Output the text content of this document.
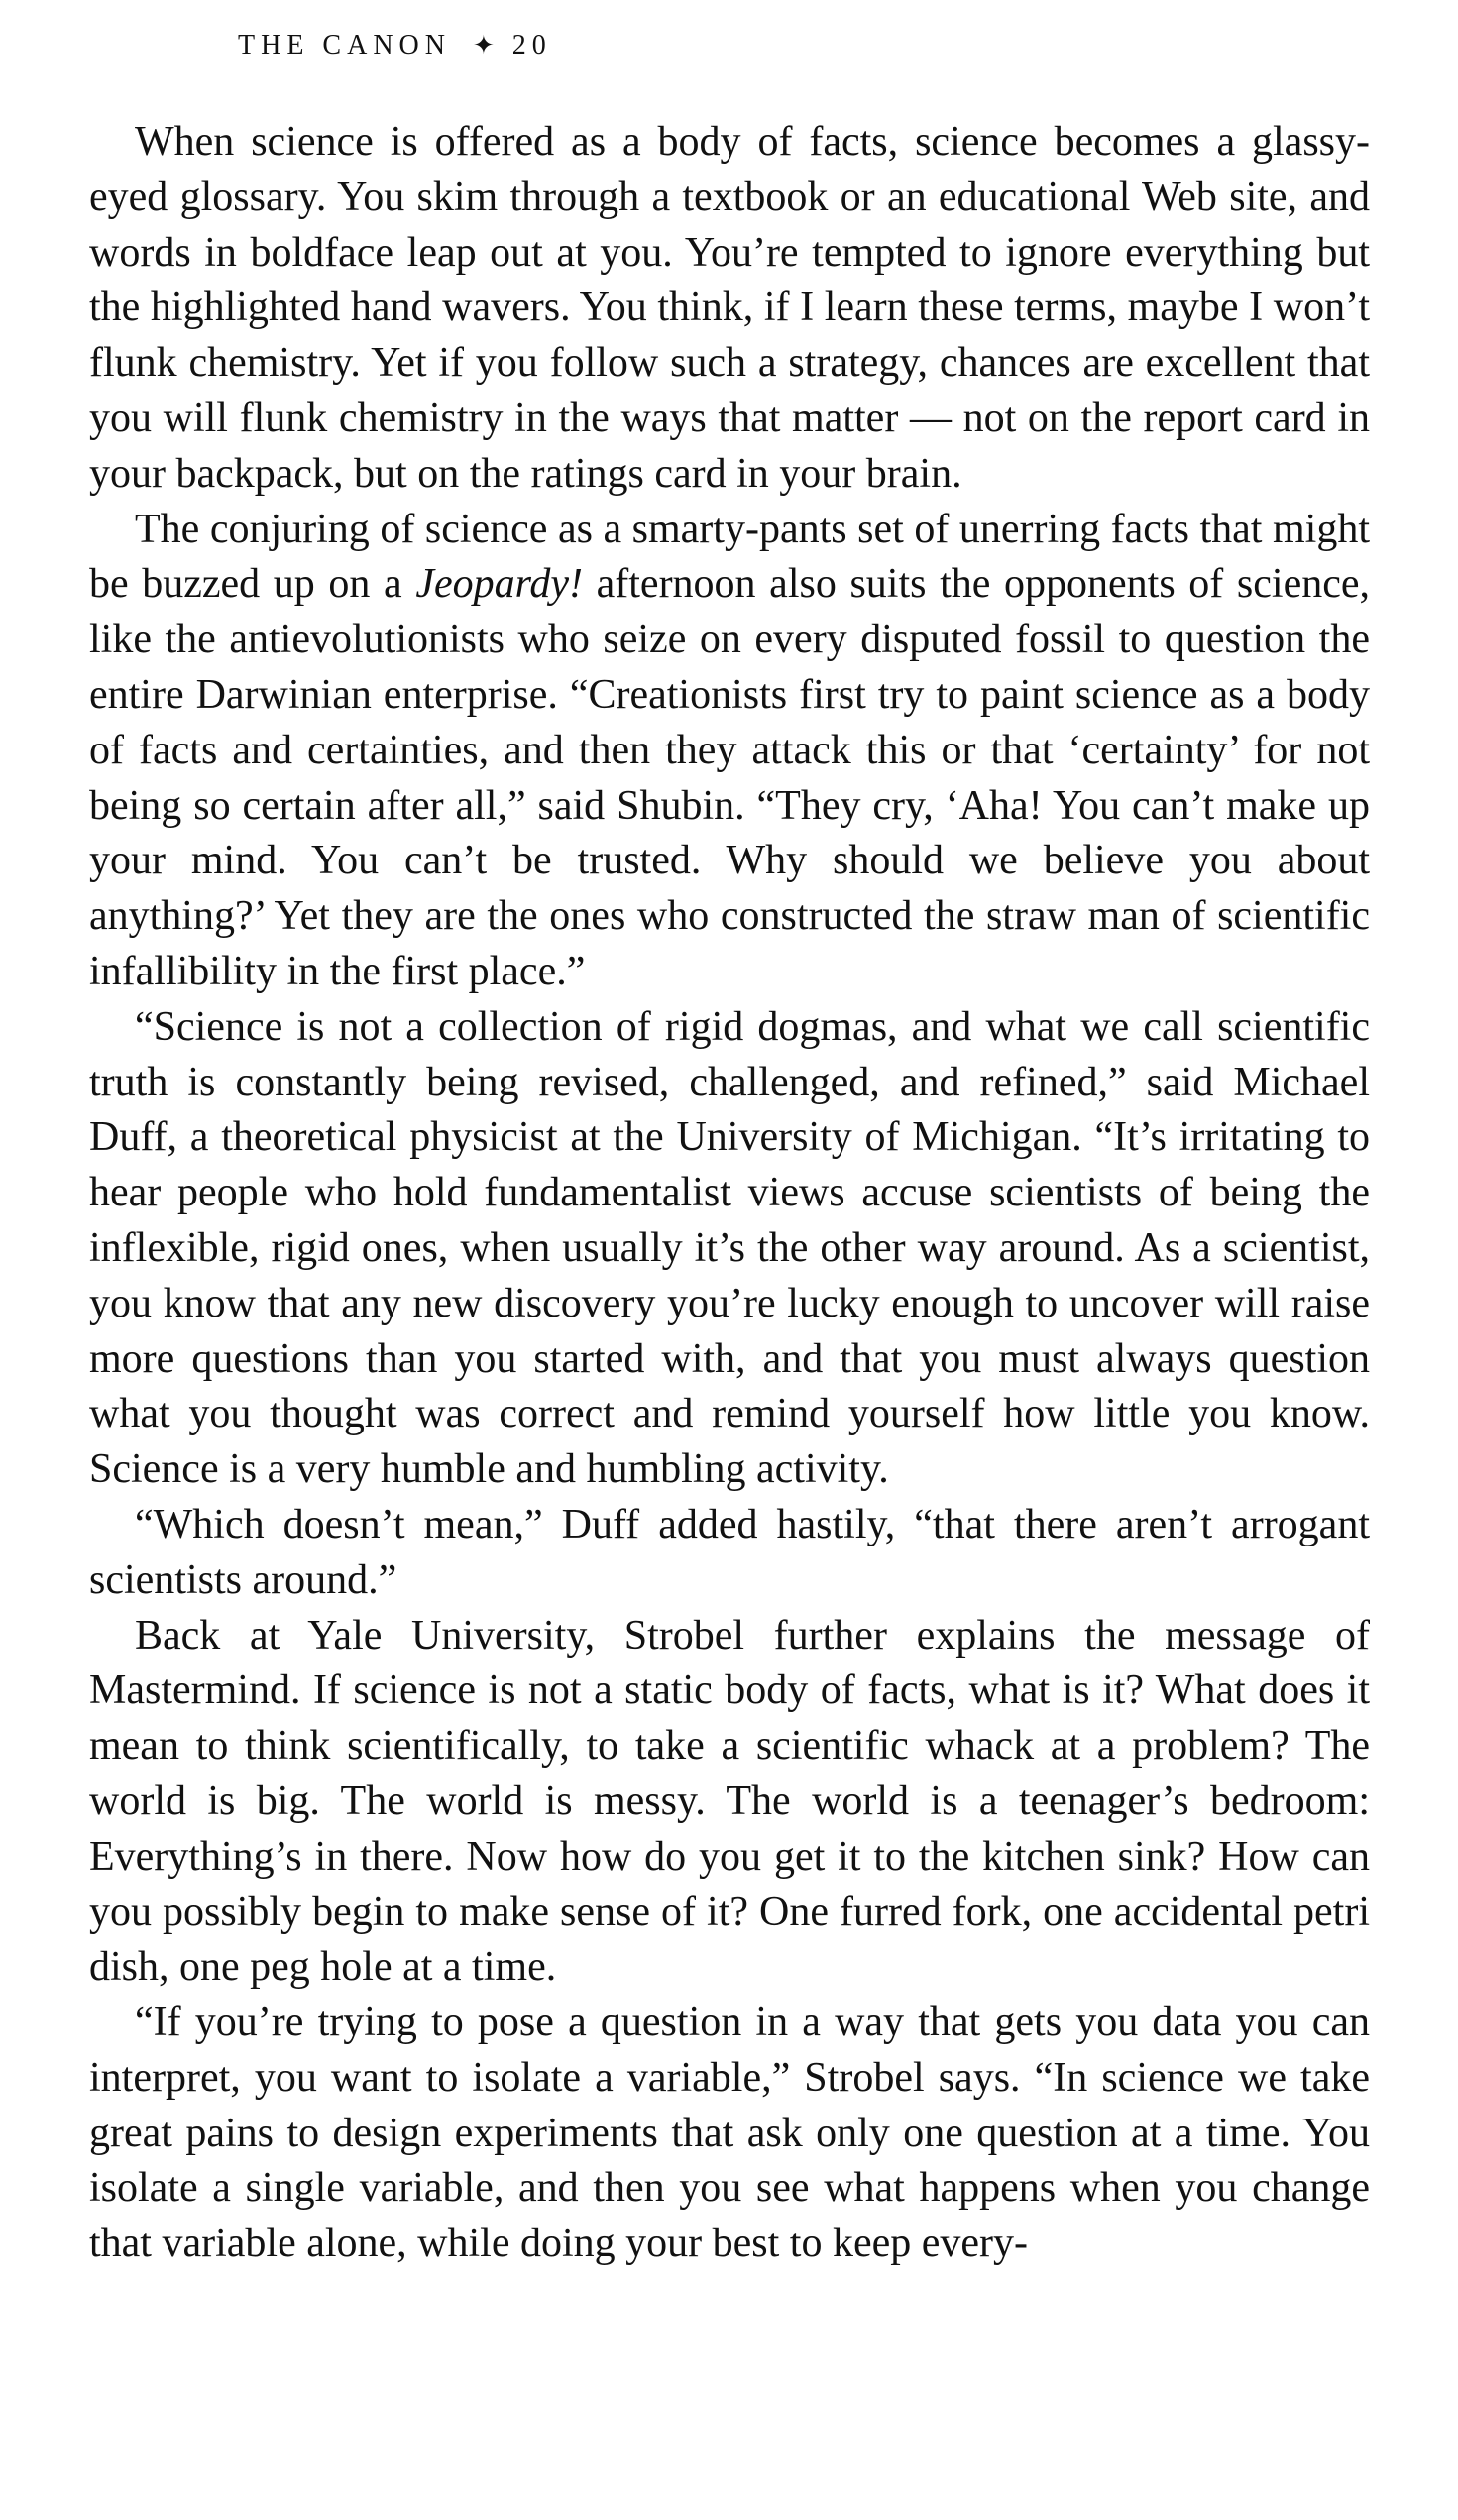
THE CANON ✦ 20

When science is offered as a body of facts, science becomes a glassy-eyed glossary. You skim through a textbook or an educational Web site, and words in boldface leap out at you. You’re tempted to ignore everything but the highlighted hand wavers. You think, if I learn these terms, maybe I won’t flunk chemistry. Yet if you follow such a strategy, chances are excellent that you will flunk chemistry in the ways that matter — not on the report card in your backpack, but on the ratings card in your brain.

The conjuring of science as a smarty-pants set of unerring facts that might be buzzed up on a Jeopardy! afternoon also suits the opponents of science, like the antievolutionists who seize on every disputed fossil to question the entire Darwinian enterprise. “Creationists first try to paint science as a body of facts and certainties, and then they attack this or that ‘certainty’ for not being so certain after all,” said Shubin. “They cry, ‘Aha! You can’t make up your mind. You can’t be trusted. Why should we believe you about anything?’ Yet they are the ones who constructed the straw man of scientific infallibility in the first place.”

“Science is not a collection of rigid dogmas, and what we call scientific truth is constantly being revised, challenged, and refined,” said Michael Duff, a theoretical physicist at the University of Michigan. “It’s irritating to hear people who hold fundamentalist views accuse scientists of being the inflexible, rigid ones, when usually it’s the other way around. As a scientist, you know that any new discovery you’re lucky enough to uncover will raise more questions than you started with, and that you must always question what you thought was correct and remind yourself how little you know. Science is a very humble and humbling activity.

“Which doesn’t mean,” Duff added hastily, “that there aren’t arrogant scientists around.”

Back at Yale University, Strobel further explains the message of Mastermind. If science is not a static body of facts, what is it? What does it mean to think scientifically, to take a scientific whack at a problem? The world is big. The world is messy. The world is a teenager’s bedroom: Everything’s in there. Now how do you get it to the kitchen sink? How can you possibly begin to make sense of it? One furred fork, one accidental petri dish, one peg hole at a time.

“If you’re trying to pose a question in a way that gets you data you can interpret, you want to isolate a variable,” Strobel says. “In science we take great pains to design experiments that ask only one question at a time. You isolate a single variable, and then you see what happens when you change that variable alone, while doing your best to keep every-
